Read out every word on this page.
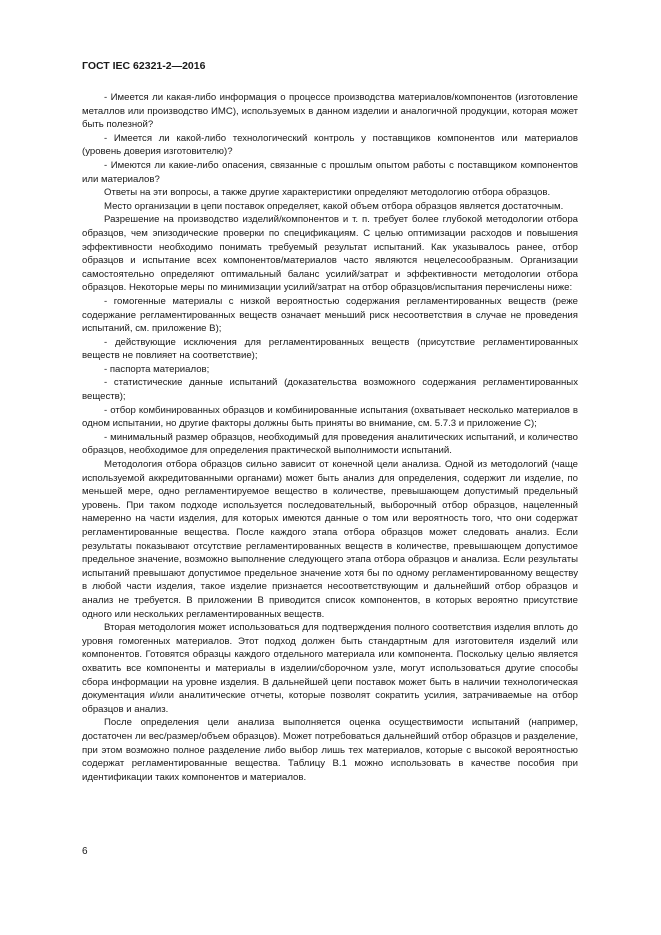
ГОСТ IEC 62321-2—2016

- Имеется ли какая-либо информация о процессе производства материалов/компонентов (изготовление металлов или производство ИМС), используемых в данном изделии и аналогичной продукции, которая может быть полезной?

- Имеется ли какой-либо технологический контроль у поставщиков компонентов или материалов (уровень доверия изготовителю)?

- Имеются ли какие-либо опасения, связанные с прошлым опытом работы с поставщиком компонентов или материалов?

Ответы на эти вопросы, а также другие характеристики определяют методологию отбора образцов.

Место организации в цепи поставок определяет, какой объем отбора образцов является достаточным.

Разрешение на производство изделий/компонентов и т. п. требует более глубокой методологии отбора образцов, чем эпизодические проверки по спецификациям. С целью оптимизации расходов и повышения эффективности необходимо понимать требуемый результат испытаний. Как указывалось ранее, отбор образцов и испытание всех компонентов/материалов часто являются нецелесообразным. Организации самостоятельно определяют оптимальный баланс усилий/затрат и эффективности методологии отбора образцов. Некоторые меры по минимизации усилий/затрат на отбор образцов/испытания перечислены ниже:

- гомогенные материалы с низкой вероятностью содержания регламентированных веществ (реже содержание регламентированных веществ означает меньший риск несоответствия в случае не проведения испытаний, см. приложение B);

- действующие исключения для регламентированных веществ (присутствие регламентированных веществ не повлияет на соответствие);

- паспорта материалов;

- статистические данные испытаний (доказательства возможного содержания регламентированных веществ);

- отбор комбинированных образцов и комбинированные испытания (охватывает несколько материалов в одном испытании, но другие факторы должны быть приняты во внимание, см. 5.7.3 и приложение C);

- минимальный размер образцов, необходимый для проведения аналитических испытаний, и количество образцов, необходимое для определения практической выполнимости испытаний.

Методология отбора образцов сильно зависит от конечной цели анализа. Одной из методологий (чаще используемой аккредитованными органами) может быть анализ для определения, содержит ли изделие, по меньшей мере, одно регламентируемое вещество в количестве, превышающем допустимый предельный уровень. При таком подходе используется последовательный, выборочный отбор образцов, нацеленный намеренно на части изделия, для которых имеются данные о том или вероятность того, что они содержат регламентированные вещества. После каждого этапа отбора образцов может следовать анализ. Если результаты показывают отсутствие регламентированных веществ в количестве, превышающем допустимое предельное значение, возможно выполнение следующего этапа отбора образцов и анализа. Если результаты испытаний превышают допустимое предельное значение хотя бы по одному регламентированному веществу в любой части изделия, такое изделие признается несоответствующим и дальнейший отбор образцов и анализ не требуется. В приложении B приводится список компонентов, в которых вероятно присутствие одного или нескольких регламентированных веществ.

Вторая методология может использоваться для подтверждения полного соответствия изделия вплоть до уровня гомогенных материалов. Этот подход должен быть стандартным для изготовителя изделий или компонентов. Готовятся образцы каждого отдельного материала или компонента. Поскольку целью является охватить все компоненты и материалы в изделии/сборочном узле, могут использоваться другие способы сбора информации на уровне изделия. В дальнейшей цепи поставок может быть в наличии технологическая документация и/или аналитические отчеты, которые позволят сократить усилия, затрачиваемые на отбор образцов и анализ.

После определения цели анализа выполняется оценка осуществимости испытаний (например, достаточен ли вес/размер/объем образцов). Может потребоваться дальнейший отбор образцов и разделение, при этом возможно полное разделение либо выбор лишь тех материалов, которые с высокой вероятностью содержат регламентированные вещества. Таблицу B.1 можно использовать в качестве пособия при идентификации таких компонентов и материалов.

6
